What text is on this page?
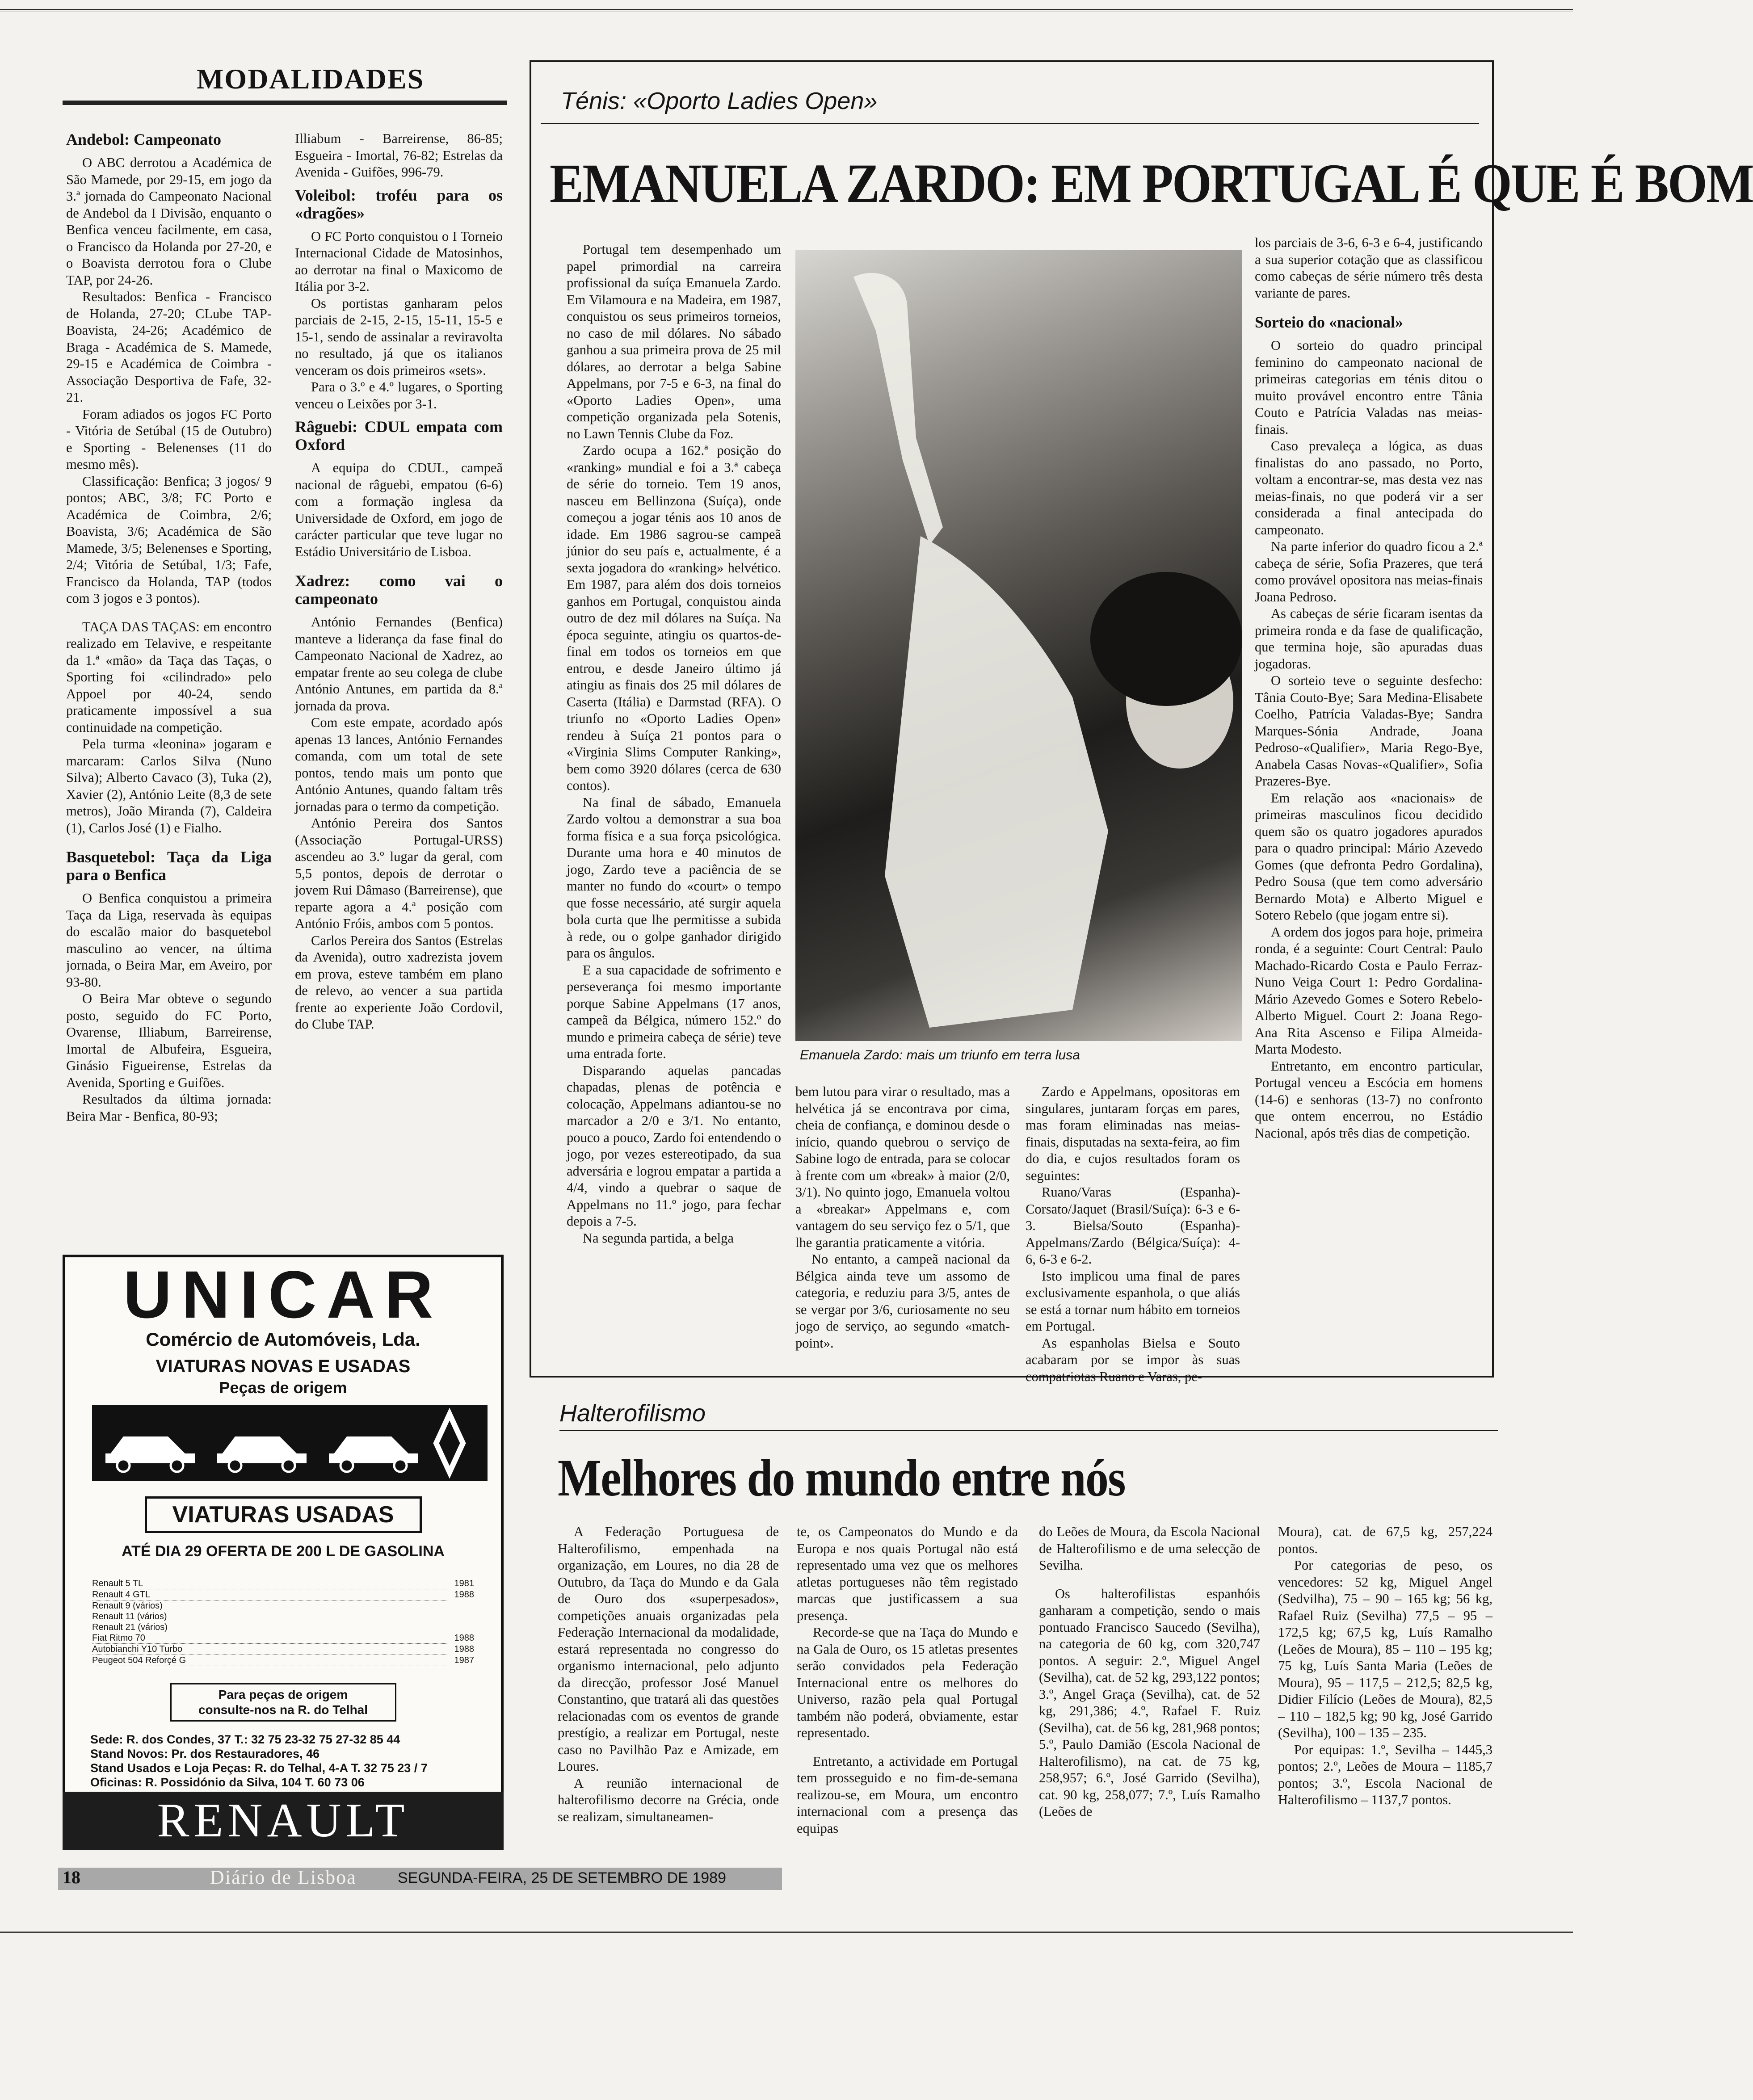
MODALIDADES
Andebol: Campeonato

O ABC derrotou a Académica de São Mamede, por 29-15, em jogo da 3.ª jornada do Campeonato Nacional de Andebol da I Divisão, enquanto o Benfica venceu facilmente, em casa, o Francisco da Holanda por 27-20, e o Boavista derrotou fora o Clube TAP, por 24-26.

Resultados: Benfica - Francisco de Holanda, 27-20; CLube TAP-Boavista, 24-26; Académico de Braga - Académica de S. Mamede, 29-15 e Académica de Coimbra - Associação Desportiva de Fafe, 32-21.

Foram adiados os jogos FC Porto - Vitória de Setúbal (15 de Outubro) e Sporting - Belenenses (11 do mesmo mês).

Classificação: Benfica; 3 jogos/ 9 pontos; ABC, 3/8; FC Porto e Académica de Coimbra, 2/6; Boavista, 3/6; Académica de São Mamede, 3/5; Belenenses e Sporting, 2/4; Vitória de Setúbal, 1/3; Fafe, Francisco da Holanda, TAP (todos com 3 jogos e 3 pontos).

TAÇA DAS TAÇAS: em encontro realizado em Telavive, e respeitante da 1.ª «mão» da Taça das Taças, o Sporting foi «cilindrado» pelo Appoel por 40-24, sendo praticamente impossível a sua continuidade na competição.

Pela turma «leonina» jogaram e marcaram: Carlos Silva (Nuno Silva); Alberto Cavaco (3), Tuka (2), Xavier (2), António Leite (8,3 de sete metros), João Miranda (7), Caldeira (1), Carlos José (1) e Fialho.

Basquetebol: Taça da Liga para o Benfica

O Benfica conquistou a primeira Taça da Liga, reservada às equipas do escalão maior do basquetebol masculino ao vencer, na última jornada, o Beira Mar, em Aveiro, por 93-80.

O Beira Mar obteve o segundo posto, seguido do FC Porto, Ovarense, Illiabum, Barreirense, Imortal de Albufeira, Esgueira, Ginásio Figueirense, Estrelas da Avenida, Sporting e Guifões.

Resultados da última jornada: Beira Mar - Benfica, 80-93;

Illiabum - Barreirense, 86-85; Esgueira - Imortal, 76-82; Estrelas da Avenida - Guifões, 996-79.

Voleibol: troféu para os «dragões»

O FC Porto conquistou o I Torneio Internacional Cidade de Matosinhos, ao derrotar na final o Maxicomo de Itália por 3-2.

Os portistas ganharam pelos parciais de 2-15, 2-15, 15-11, 15-5 e 15-1, sendo de assinalar a reviravolta no resultado, já que os italianos venceram os dois primeiros «sets».

Para o 3.º e 4.º lugares, o Sporting venceu o Leixões por 3-1.

Râguebi: CDUL empata com Oxford

A equipa do CDUL, campeã nacional de râguebi, empatou (6-6) com a formação inglesa da Universidade de Oxford, em jogo de carácter particular que teve lugar no Estádio Universitário de Lisboa.

Xadrez: como vai o campeonato

António Fernandes (Benfica) manteve a liderança da fase final do Campeonato Nacional de Xadrez, ao empatar frente ao seu colega de clube António Antunes, em partida da 8.ª jornada da prova.

Com este empate, acordado após apenas 13 lances, António Fernandes comanda, com um total de sete pontos, tendo mais um ponto que António Antunes, quando faltam três jornadas para o termo da competição.

António Pereira dos Santos (Associação Portugal-URSS) ascendeu ao 3.º lugar da geral, com 5,5 pontos, depois de derrotar o jovem Rui Dâmaso (Barreirense), que reparte agora a 4.ª posição com António Fróis, ambos com 5 pontos.

Carlos Pereira dos Santos (Estrelas da Avenida), outro xadrezista jovem em prova, esteve também em plano de relevo, ao vencer a sua partida frente ao experiente João Cordovil, do Clube TAP.

UNICAR
Comércio de Automóveis, Lda.
VIATURAS NOVAS E USADAS
Peças de origem
VIATURAS USADAS
ATÉ DIA 29 OFERTA DE 200 L DE GASOLINA
Renault 5 TL	1981
Renault 4 GTL	1988
Renault 9 (vários)
Renault 11 (vários)
Renault 21 (vários)
Fiat Ritmo 70	1988
Autobianchi Y10 Turbo	1988
Peugeot 504 Reforçé G	1987
Para peças de origem
consulte-nos na R. do Telhal
Sede: R. dos Condes, 37 T.: 32 75 23-32 75 27-32 85 44
Stand Novos: Pr. dos Restauradores, 46
Stand Usados e Loja Peças: R. do Telhal, 4-A T. 32 75 23 / 7
Oficinas: R. Possidónio da Silva, 104 T. 60 73 06
RENAULT
18	Diário de Lisboa	SEGUNDA-FEIRA, 25 DE SETEMBRO DE 1989
Ténis: «Oporto Ladies Open»
EMANUELA ZARDO: EM PORTUGAL É QUE É BOM
Emanuela Zardo: mais um triunfo em terra lusa

Portugal tem desempenhado um papel primordial na carreira profissional da suíça Emanuela Zardo. Em Vilamoura e na Madeira, em 1987, conquistou os seus primeiros torneios, no caso de mil dólares. No sábado ganhou a sua primeira prova de 25 mil dólares, ao derrotar a belga Sabine Appelmans, por 7-5 e 6-3, na final do «Oporto Ladies Open», uma competição organizada pela Sotenis, no Lawn Tennis Clube da Foz.

Zardo ocupa a 162.ª posição do «ranking» mundial e foi a 3.ª cabeça de série do torneio. Tem 19 anos, nasceu em Bellinzona (Suíça), onde começou a jogar ténis aos 10 anos de idade. Em 1986 sagrou-se campeã júnior do seu país e, actualmente, é a sexta jogadora do «ranking» helvético. Em 1987, para além dos dois torneios ganhos em Portugal, conquistou ainda outro de dez mil dólares na Suíça. Na época seguinte, atingiu os quartos-de-final em todos os torneios em que entrou, e desde Janeiro último já atingiu as finais dos 25 mil dólares de Caserta (Itália) e Darmstad (RFA). O triunfo no «Oporto Ladies Open» rendeu à Suíça 21 pontos para o «Virginia Slims Computer Ranking», bem como 3920 dólares (cerca de 630 contos).

Na final de sábado, Emanuela Zardo voltou a demonstrar a sua boa forma física e a sua força psicológica. Durante uma hora e 40 minutos de jogo, Zardo teve a paciência de se manter no fundo do «court» o tempo que fosse necessário, até surgir aquela bola curta que lhe permitisse a subida à rede, ou o golpe ganhador dirigido para os ângulos.

E a sua capacidade de sofrimento e perseverança foi mesmo importante porque Sabine Appelmans (17 anos, campeã da Bélgica, número 152.º do mundo e primeira cabeça de série) teve uma entrada forte.

Disparando aquelas pancadas chapadas, plenas de potência e colocação, Appelmans adiantou-se no marcador a 2/0 e 3/1. No entanto, pouco a pouco, Zardo foi entendendo o jogo, por vezes estereotipado, da sua adversária e logrou empatar a partida a 4/4, vindo a quebrar o saque de Appelmans no 11.º jogo, para fechar depois a 7-5.

Na segunda partida, a belga

bem lutou para virar o resultado, mas a helvética já se encontrava por cima, cheia de confiança, e dominou desde o início, quando quebrou o serviço de Sabine logo de entrada, para se colocar à frente com um «break» à maior (2/0, 3/1). No quinto jogo, Emanuela voltou a «breakar» Appelmans e, com vantagem do seu serviço fez o 5/1, que lhe garantia praticamente a vitória.

No entanto, a campeã nacional da Bélgica ainda teve um assomo de categoria, e reduziu para 3/5, antes de se vergar por 3/6, curiosamente no seu jogo de serviço, ao segundo «match-point».

Zardo e Appelmans, opositoras em singulares, juntaram forças em pares, mas foram eliminadas nas meias-finais, disputadas na sexta-feira, ao fim do dia, e cujos resultados foram os seguintes:

Ruano/Varas (Espanha)-Corsato/Jaquet (Brasil/Suíça): 6-3 e 6-3. Bielsa/Souto (Espanha)-Appelmans/Zardo (Bélgica/Suíça): 4-6, 6-3 e 6-2.

Isto implicou uma final de pares exclusivamente espanhola, o que aliás se está a tornar num hábito em torneios em Portugal.

As espanholas Bielsa e Souto acabaram por se impor às suas compatriotas Ruano e Varas, pe-

los parciais de 3-6, 6-3 e 6-4, justificando a sua superior cotação que as classificou como cabeças de série número três desta variante de pares.

Sorteio do «nacional»

O sorteio do quadro principal feminino do campeonato nacional de primeiras categorias em ténis ditou o muito provável encontro entre Tânia Couto e Patrícia Valadas nas meias-finais.

Caso prevaleça a lógica, as duas finalistas do ano passado, no Porto, voltam a encontrar-se, mas desta vez nas meias-finais, no que poderá vir a ser considerada a final antecipada do campeonato.

Na parte inferior do quadro ficou a 2.ª cabeça de série, Sofia Prazeres, que terá como provável opositora nas meias-finais Joana Pedroso.

As cabeças de série ficaram isentas da primeira ronda e da fase de qualificação, que termina hoje, são apuradas duas jogadoras.

O sorteio teve o seguinte desfecho: Tânia Couto-Bye; Sara Medina-Elisabete Coelho, Patrícia Valadas-Bye; Sandra Marques-Sónia Andrade, Joana Pedroso-«Qualifier», Maria Rego-Bye, Anabela Casas Novas-«Qualifier», Sofia Prazeres-Bye.

Em relação aos «nacionais» de primeiras masculinos ficou decidido quem são os quatro jogadores apurados para o quadro principal: Mário Azevedo Gomes (que defronta Pedro Gordalina), Pedro Sousa (que tem como adversário Bernardo Mota) e Alberto Miguel e Sotero Rebelo (que jogam entre si).

A ordem dos jogos para hoje, primeira ronda, é a seguinte: Court Central: Paulo Machado-Ricardo Costa e Paulo Ferraz-Nuno Veiga Court 1: Pedro Gordalina-Mário Azevedo Gomes e Sotero Rebelo-Alberto Miguel. Court 2: Joana Rego-Ana Rita Ascenso e Filipa Almeida-Marta Modesto.

Entretanto, em encontro particular, Portugal venceu a Escócia em homens (14-6) e senhoras (13-7) no confronto que ontem encerrou, no Estádio Nacional, após três dias de competição.

Halterofilismo
Melhores do mundo entre nós

A Federação Portuguesa de Halterofilismo, empenhada na organização, em Loures, no dia 28 de Outubro, da Taça do Mundo e da Gala de Ouro dos «superpesados», competições anuais organizadas pela Federação Internacional da modalidade, estará representada no congresso do organismo internacional, pelo adjunto da direcção, professor José Manuel Constantino, que tratará ali das questões relacionadas com os eventos de grande prestígio, a realizar em Portugal, neste caso no Pavilhão Paz e Amizade, em Loures.

A reunião internacional de halterofilismo decorre na Grécia, onde se realizam, simultaneamen-

te, os Campeonatos do Mundo e da Europa e nos quais Portugal não está representado uma vez que os melhores atletas portugueses não têm registado marcas que justificassem a sua presença.

Recorde-se que na Taça do Mundo e na Gala de Ouro, os 15 atletas presentes serão convidados pela Federação Internacional entre os melhores do Universo, razão pela qual Portugal também não poderá, obviamente, estar representado.

Entretanto, a actividade em Portugal tem prosseguido e no fim-de-semana realizou-se, em Moura, um encontro internacional com a presença das equipas

do Leões de Moura, da Escola Nacional de Halterofilismo e de uma selecção de Sevilha.

Os halterofilistas espanhóis ganharam a competição, sendo o mais pontuado Francisco Saucedo (Sevilha), na categoria de 60 kg, com 320,747 pontos. A seguir: 2.º, Miguel Angel (Sevilha), cat. de 52 kg, 293,122 pontos; 3.º, Angel Graça (Sevilha), cat. de 52 kg, 291,386; 4.º, Rafael F. Ruiz (Sevilha), cat. de 56 kg, 281,968 pontos; 5.º, Paulo Damião (Escola Nacional de Halterofilismo), na cat. de 75 kg, 258,957; 6.º, José Garrido (Sevilha), cat. 90 kg, 258,077; 7.º, Luís Ramalho (Leões de

Moura), cat. de 67,5 kg, 257,224 pontos.

Por categorias de peso, os vencedores: 52 kg, Miguel Angel (Sedvilha), 75 – 90 – 165 kg; 56 kg, Rafael Ruiz (Sevilha) 77,5 – 95 – 172,5 kg; 67,5 kg, Luís Ramalho (Leões de Moura), 85 – 110 – 195 kg; 75 kg, Luís Santa Maria (Leões de Moura), 95 – 117,5 – 212,5; 82,5 kg, Didier Filício (Leões de Moura), 82,5 – 110 – 182,5 kg; 90 kg, José Garrido (Sevilha), 100 – 135 – 235.

Por equipas: 1.º, Sevilha – 1445,3 pontos; 2.º, Leões de Moura – 1185,7 pontos; 3.º, Escola Nacional de Halterofilismo – 1137,7 pontos.
